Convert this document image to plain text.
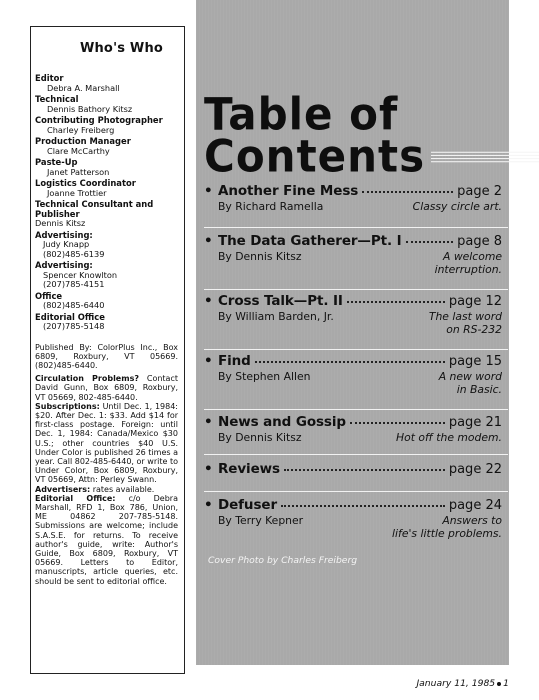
Who's Who
Editor
Debra A. Marshall
Technical
Dennis Bathory Kitsz
Contributing Photographer
Charley Freiberg
Production Manager
Clare McCarthy
Paste-Up
Janet Patterson
Logistics Coordinator
Joanne Trottier
Technical Consultant and Publisher
Dennis Kitsz
Advertising:
Judy Knapp
(802)485-6139
Advertising:
Spencer Knowlton
(207)785-4151
Office
(802)485-6440
Editorial Office
(207)785-5148

Published By: ColorPlus Inc., Box 6809, Roxbury, VT 05669. (802)485-6440.

Circulation Problems? Contact David Gunn, Box 6809, Roxbury, VT 05669, 802-485-6440.
Subscriptions: Until Dec. 1, 1984: $20. After Dec. 1: $33. Add $14 for first-class postage. Foreign: until Dec. 1, 1984: Canada/Mexico $30 U.S.; other countries $40 U.S. Under Color is published 26 times a year. Call 802-485-6440, or write to Under Color, Box 6809, Roxbury, VT 05669, Attn: Perley Swann.
Advertisers: rates available.
Editorial Office: c/o Debra Marshall, RFD 1, Box 786, Union, ME 04862 207-785-5148. Submissions are welcome; include S.A.S.E. for returns. To receive author's guide, write: Author's Guide, Box 6809, Roxbury, VT 05669. Letters to Editor, manuscripts, article queries, etc. should be sent to editorial office.

Table of
Contents
• Another Fine Mess	page 2
By Richard Ramella	Classy circle art.
• The Data Gatherer—Pt. I	page 8
By Dennis Kitsz	A welcome
interruption.
• Cross Talk—Pt. II	page 12
By William Barden, Jr.	The last word
on RS-232
• Find	page 15
By Stephen Allen	A new word
in Basic.
• News and Gossip	page 21
By Dennis Kitsz	Hot off the modem.
• Reviews	page 22
• Defuser	page 24
By Terry Kepner	Answers to
life's little problems.
Cover Photo by Charles Freiberg
January 11, 1985 1
